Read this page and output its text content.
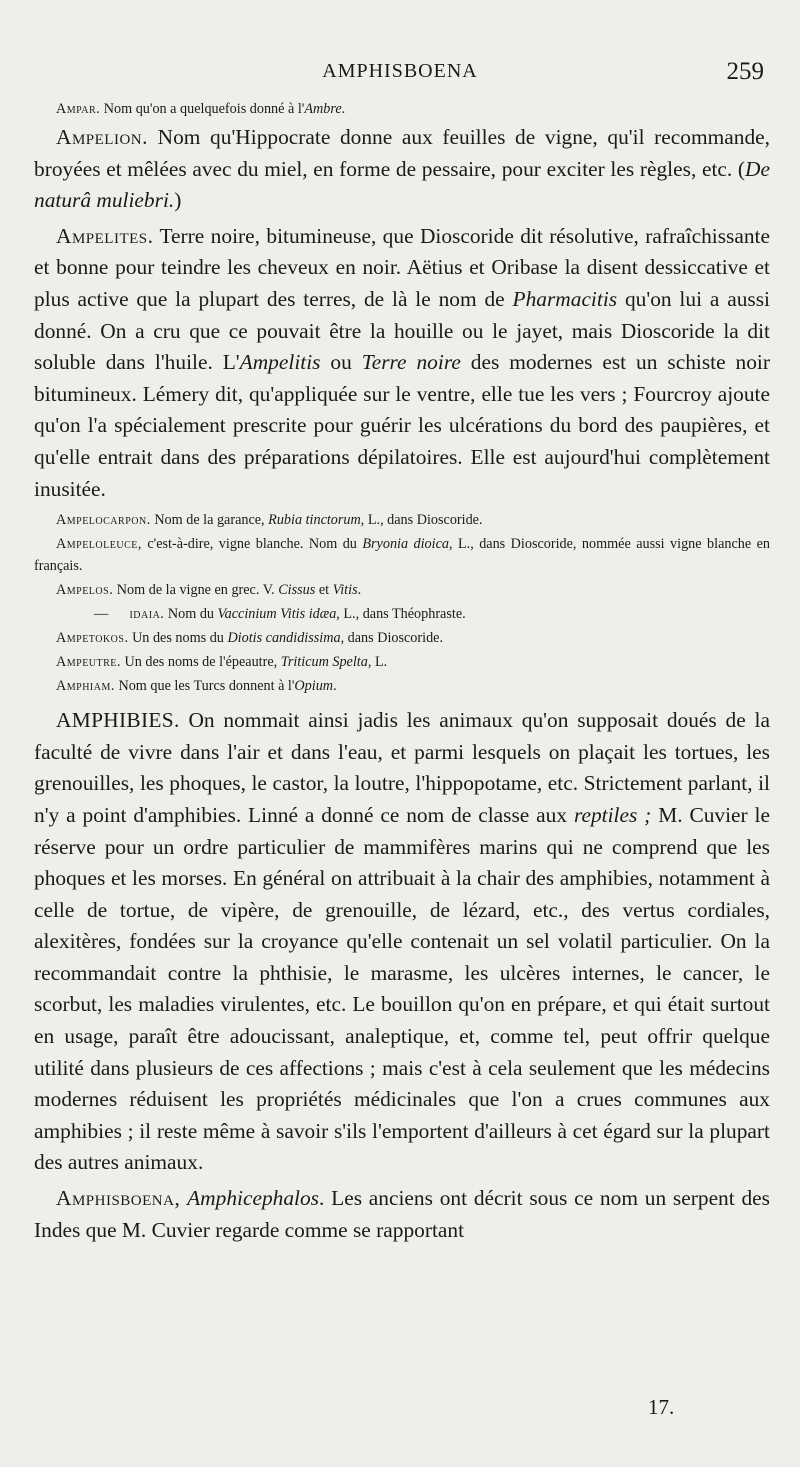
AMPHISBOENA	259

Ampar. Nom qu'on a quelquefois donné à l'Ambre.

Ampelion. Nom qu'Hippocrate donne aux feuilles de vigne, qu'il recommande, broyées et mêlées avec du miel, en forme de pessaire, pour exciter les règles, etc. (De naturâ muliebri.)

Ampelites. Terre noire, bitumineuse, que Dioscoride dit résolutive, rafraîchissante et bonne pour teindre les cheveux en noir. Aëtius et Oribase la disent dessiccative et plus active que la plupart des terres, de là le nom de Pharmacitis qu'on lui a aussi donné. On a cru que ce pouvait être la houille ou le jayet, mais Dioscoride la dit soluble dans l'huile. L'Ampelitis ou Terre noire des modernes est un schiste noir bitumineux. Lémery dit, qu'appliquée sur le ventre, elle tue les vers ; Fourcroy ajoute qu'on l'a spécialement prescrite pour guérir les ulcérations du bord des paupières, et qu'elle entrait dans des préparations dépilatoires. Elle est aujourd'hui complètement inusitée.

Ampelocarpon. Nom de la garance, Rubia tinctorum, L., dans Dioscoride.

Ampeloleuce, c'est-à-dire, vigne blanche. Nom du Bryonia dioica, L., dans Dioscoride, nommée aussi vigne blanche en français.

Ampelos. Nom de la vigne en grec. V. Cissus et Vitis.

— idaia. Nom du Vaccinium Vitis idæa, L., dans Théophraste.

Ampetokos. Un des noms du Diotis candidissima, dans Dioscoride.

Ampeutre. Un des noms de l'épeautre, Triticum Spelta, L.

Amphiam. Nom que les Turcs donnent à l'Opium.

AMPHIBIES. On nommait ainsi jadis les animaux qu'on supposait doués de la faculté de vivre dans l'air et dans l'eau, et parmi lesquels on plaçait les tortues, les grenouilles, les phoques, le castor, la loutre, l'hippopotame, etc. Strictement parlant, il n'y a point d'amphibies. Linné a donné ce nom de classe aux reptiles ; M. Cuvier le réserve pour un ordre particulier de mammifères marins qui ne comprend que les phoques et les morses. En général on attribuait à la chair des amphibies, notamment à celle de tortue, de vipère, de grenouille, de lézard, etc., des vertus cordiales, alexitères, fondées sur la croyance qu'elle contenait un sel volatil particulier. On la recommandait contre la phthisie, le marasme, les ulcères internes, le cancer, le scorbut, les maladies virulentes, etc. Le bouillon qu'on en prépare, et qui était surtout en usage, paraît être adoucissant, analeptique, et, comme tel, peut offrir quelque utilité dans plusieurs de ces affections ; mais c'est à cela seulement que les médecins modernes réduisent les propriétés médicinales que l'on a crues communes aux amphibies ; il reste même à savoir s'ils l'emportent d'ailleurs à cet égard sur la plupart des autres animaux.

Amphisboena, Amphicephalos. Les anciens ont décrit sous ce nom un serpent des Indes que M. Cuvier regarde comme se rapportant

17.
